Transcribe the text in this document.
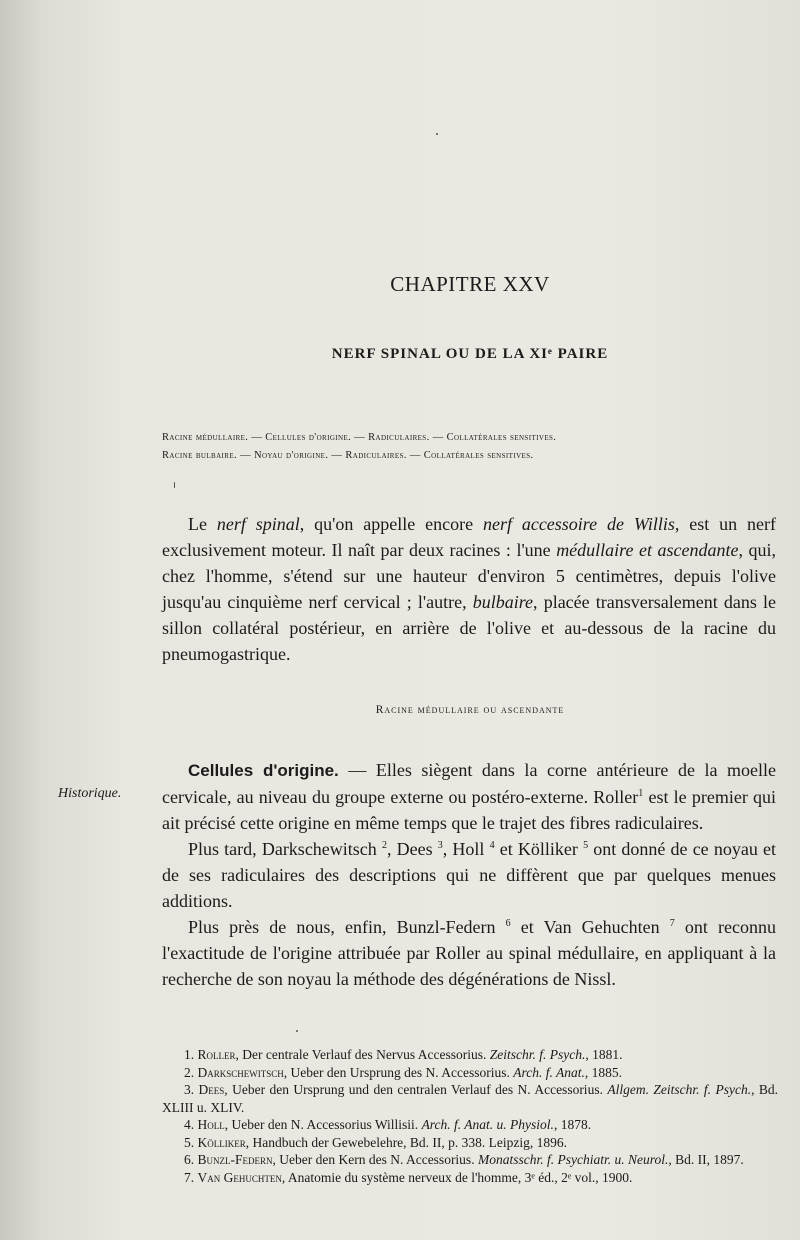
CHAPITRE XXV
NERF SPINAL OU DE LA XIᵉ PAIRE
Racine médullaire. — Cellules d'origine. — Radiculaires. — Collatérales sensitives.
Racine bulbaire. — Noyau d'origine. — Radiculaires. — Collatérales sensitives.
Le nerf spinal, qu'on appelle encore nerf accessoire de Willis, est un nerf exclusivement moteur. Il naît par deux racines : l'une médullaire et ascendante, qui, chez l'homme, s'étend sur une hauteur d'environ 5 centimètres, depuis l'olive jusqu'au cinquième nerf cervical ; l'autre, bulbaire, placée transversalement dans le sillon collatéral postérieur, en arrière de l'olive et au-dessous de la racine du pneumogastrique.
Racine médullaire ou ascendante
Historique.

Cellules d'origine. — Elles siègent dans la corne antérieure de la moelle cervicale, au niveau du groupe externe ou postéro-externe. Roller$^1$ est le premier qui ait précisé cette origine en même temps que le trajet des fibres radiculaires.

Plus tard, Darkschewitsch $^2$, Dees $^3$, Holl $^4$ et Kölliker $^5$ ont donné de ce noyau et de ses radiculaires des descriptions qui ne diffèrent que par quelques menues additions.

Plus près de nous, enfin, Bunzl-Federn $^6$ et Van Gehuchten $^7$ ont reconnu l'exactitude de l'origine attribuée par Roller au spinal médullaire, en appliquant à la recherche de son noyau la méthode des dégénérations de Nissl.

1. Roller, Der centrale Verlauf des Nervus Accessorius. Zeitschr. f. Psych., 1881.

2. Darkschewitsch, Ueber den Ursprung des N. Accessorius. Arch. f. Anat., 1885.

3. Dees, Ueber den Ursprung und den centralen Verlauf des N. Accessorius. Allgem. Zeitschr. f. Psych., Bd. XLIII u. XLIV.

4. Holl, Ueber den N. Accessorius Willisii. Arch. f. Anat. u. Physiol., 1878.

5. Kölliker, Handbuch der Gewebelehre, Bd. II, p. 338. Leipzig, 1896.

6. Bunzl-Federn, Ueber den Kern des N. Accessorius. Monatsschr. f. Psychiatr. u. Neurol., Bd. II, 1897.

7. Van Gehuchten, Anatomie du système nerveux de l'homme, 3ᵉ éd., 2ᵉ vol., 1900.
